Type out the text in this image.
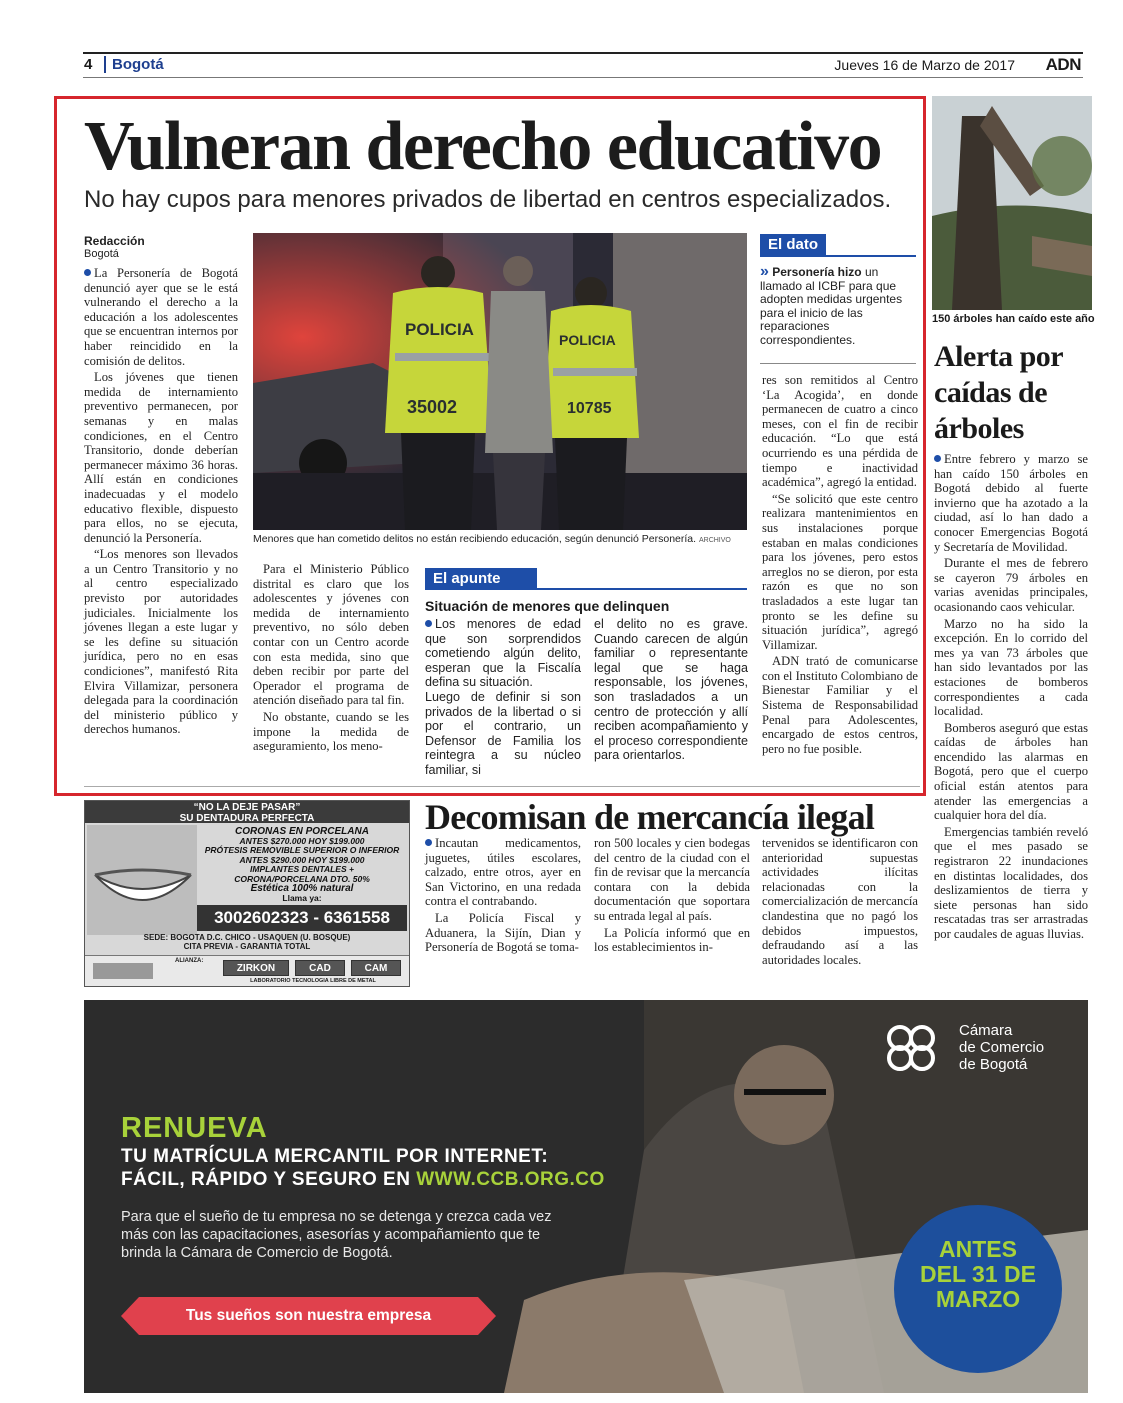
4	Bogotá	Jueves 16 de Marzo de 2017 ADN
Vulneran derecho educativo
No hay cupos para menores privados de libertad en centros especializados.
Redacción
Bogotá

La Personería de Bogotá denunció ayer que se le está vulnerando el derecho a la educación a los adolescentes que se encuentran internos por haber reincidido en la comisión de delitos.

Los jóvenes que tienen medida de internamiento preventivo permanecen, por semanas y en malas condiciones, en el Centro Transitorio, donde deberían permanecer máximo 36 horas. Allí están en condiciones inadecuadas y el modelo educativo flexible, dispuesto para ellos, no se ejecuta, denunció la Personería.

“Los menores son llevados a un Centro Transitorio y no al centro especializado previsto por autoridades judiciales. Inicialmente los jóvenes llegan a este lugar y se les define su situación jurídica, pero no en esas condiciones”, manifestó Rita Elvira Villamizar, personera delegada para la coordinación del ministerio público y derechos humanos.

POLICIA
35002
POLICIA
10785
Menores que han cometido delitos no están recibiendo educación, según denunció Personería. ARCHIVO
El dato
» Personería hizo un llamado al ICBF para que adopten medidas urgentes para el inicio de las reparaciones correspondientes.

Para el Ministerio Público distrital es claro que los adolescentes y jóvenes con medida de internamiento preventivo, no sólo deben contar con un Centro acorde con esta medida, sino que deben recibir por parte del Operador el programa de atención diseñado para tal fin.

No obstante, cuando se les impone la medida de aseguramiento, los meno-

El apunte
Situación de menores que delinquen
Los menores de edad que son sorprendidos cometiendo algún delito, esperan que la Fiscalía defina su situación.
Luego de definir si son privados de la libertad o si por el contrario, un Defensor de Familia los reintegra a su núcleo familiar, si
el delito no es grave. Cuando carecen de algún familiar o representante legal que se haga responsable, los jóvenes, son trasladados a un centro de protección y allí reciben acompañamiento y el proceso correspondiente para orientarlos.

res son remitidos al Centro ‘La Acogida’, en donde permanecen de cuatro a cinco meses, con el fin de recibir educación. “Lo que está ocurriendo es una pérdida de tiempo e inactividad académica”, agregó la entidad.

“Se solicitó que este centro realizara mantenimientos en sus instalaciones porque estaban en malas condiciones para los jóvenes, pero estos arreglos no se dieron, por esta razón es que no son trasladados a este lugar tan pronto se les define su situación jurídica”, agregó Villamizar.

ADN trató de comunicarse con el Instituto Colombiano de Bienestar Familiar y el Sistema de Responsabilidad Penal para Adolescentes, encargado de estos centros, pero no fue posible.

150 árboles han caído este año
Alerta por caídas de árboles

Entre febrero y marzo se han caído 150 árboles en Bogotá debido al fuerte invierno que ha azotado a la ciudad, así lo han dado a conocer Emergencias Bogotá y Secretaría de Movilidad.

Durante el mes de febrero se cayeron 79 árboles en varias avenidas principales, ocasionando caos vehicular.

Marzo no ha sido la excepción. En lo corrido del mes ya van 73 árboles que han sido levantados por las estaciones de bomberos correspondientes a cada localidad.

Bomberos aseguró que estas caídas de árboles han encendido las alarmas en Bogotá, pero que el cuerpo oficial están atentos para atender las emergencias a cualquier hora del día.

Emergencias también reveló que el mes pasado se registraron 22 inundaciones en distintas localidades, dos deslizamientos de tierra y siete personas han sido rescatadas tras ser arrastradas por caudales de aguas lluvias.

Decomisan de mercancía ilegal

Incautan medicamentos, juguetes, útiles escolares, calzado, entre otros, ayer en San Victorino, en una redada contra el contrabando.

La Policía Fiscal y Aduanera, la Sijín, Dian y Personería de Bogotá se toma-

ron 500 locales y cien bodegas del centro de la ciudad con el fin de revisar que la mercancía contara con la debida documentación que soportara su entrada legal al país.

La Policía informó que en los establecimientos in-

tervenidos se identificaron con anterioridad supuestas actividades ilícitas relacionadas con la comercialización de mercancía clandestina que no pagó los debidos impuestos, defraudando así a las autoridades locales.

“NO LA DEJE PASAR”
SU DENTADURA PERFECTA
CORONAS EN PORCELANA
ANTES $270.000 HOY $199.000
PRÓTESIS REMOVIBLE SUPERIOR O INFERIOR
ANTES $290.000 HOY $199.000
IMPLANTES DENTALES +
CORONA/PORCELANA DTO. 50%
Estética 100% natural
Llama ya:
3002602323 - 6361558
SEDE: BOGOTA D.C. CHICO - USAQUEN (U. BOSQUE)
CITA PREVIA - GARANTIA TOTAL
ALIANZA:
ZIRKON	CAD	CAM
LABORATORIO TECNOLOGIA LIBRE DE METAL
Cámara
de Comercio
de Bogotá
RENUEVA
TU MATRÍCULA MERCANTIL POR INTERNET:
FÁCIL, RÁPIDO Y SEGURO EN WWW.CCB.ORG.CO
Para que el sueño de tu empresa no se detenga y crezca cada vez más con las capacitaciones, asesorías y acompañamiento que te brinda la Cámara de Comercio de Bogotá.
Tus sueños son nuestra empresa
ANTES
DEL 31 DE
MARZO
